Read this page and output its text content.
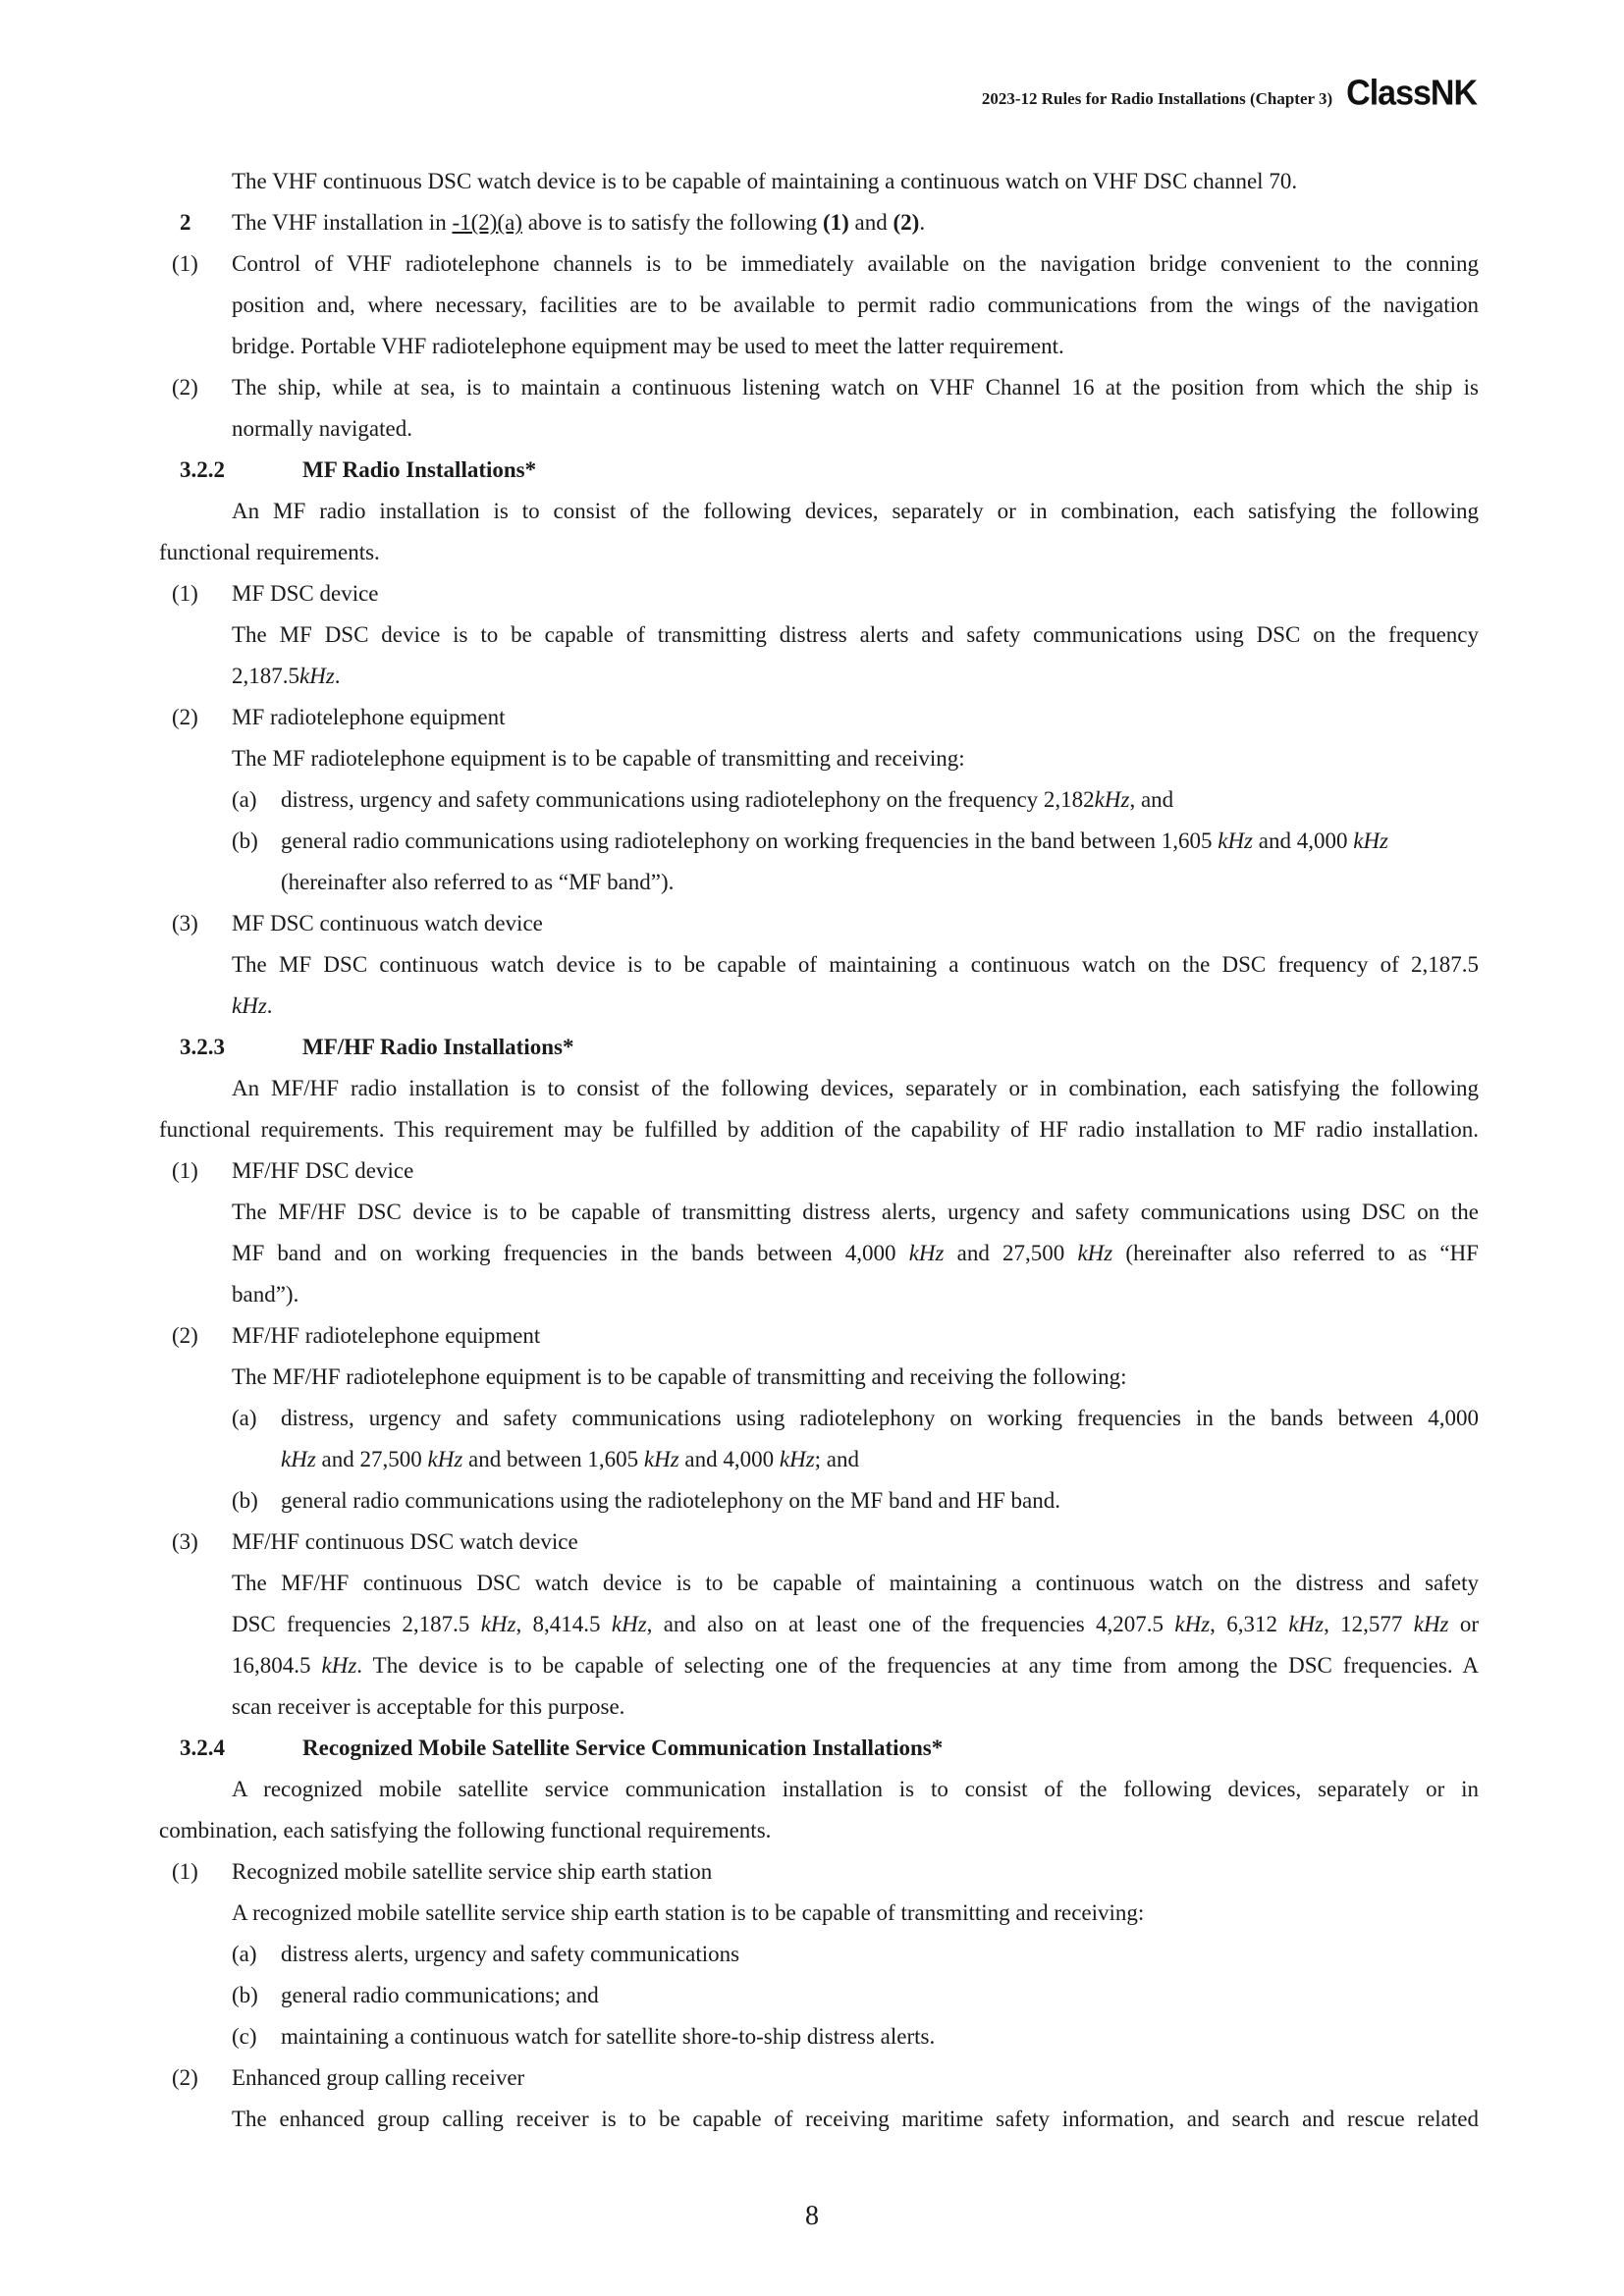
2023-12 Rules for Radio Installations (Chapter 3) ClassNK
The VHF continuous DSC watch device is to be capable of maintaining a continuous watch on VHF DSC channel 70.
2 The VHF installation in -1(2)(a) above is to satisfy the following (1) and (2).
(1) Control of VHF radiotelephone channels is to be immediately available on the navigation bridge convenient to the conning
position and, where necessary, facilities are to be available to permit radio communications from the wings of the navigation
bridge. Portable VHF radiotelephone equipment may be used to meet the latter requirement.
(2) The ship, while at sea, is to maintain a continuous listening watch on VHF Channel 16 at the position from which the ship is
normally navigated.
3.2.2	MF Radio Installations*
An MF radio installation is to consist of the following devices, separately or in combination, each satisfying the following
functional requirements.
(1) MF DSC device
The MF DSC device is to be capable of transmitting distress alerts and safety communications using DSC on the frequency
2,187.5kHz.
(2) MF radiotelephone equipment
The MF radiotelephone equipment is to be capable of transmitting and receiving:
(a) distress, urgency and safety communications using radiotelephony on the frequency 2,182kHz, and
(b) general radio communications using radiotelephony on working frequencies in the band between 1,605 kHz and 4,000 kHz
(hereinafter also referred to as “MF band”).
(3) MF DSC continuous watch device
The MF DSC continuous watch device is to be capable of maintaining a continuous watch on the DSC frequency of 2,187.5
kHz.
3.2.3	MF/HF Radio Installations*
An MF/HF radio installation is to consist of the following devices, separately or in combination, each satisfying the following
functional requirements. This requirement may be fulfilled by addition of the capability of HF radio installation to MF radio installation.
(1) MF/HF DSC device
The MF/HF DSC device is to be capable of transmitting distress alerts, urgency and safety communications using DSC on the
MF band and on working frequencies in the bands between 4,000 kHz and 27,500 kHz (hereinafter also referred to as “HF
band”).
(2) MF/HF radiotelephone equipment
The MF/HF radiotelephone equipment is to be capable of transmitting and receiving the following:
(a) distress, urgency and safety communications using radiotelephony on working frequencies in the bands between 4,000
kHz and 27,500 kHz and between 1,605 kHz and 4,000 kHz; and
(b) general radio communications using the radiotelephony on the MF band and HF band.
(3) MF/HF continuous DSC watch device
The MF/HF continuous DSC watch device is to be capable of maintaining a continuous watch on the distress and safety
DSC frequencies 2,187.5 kHz, 8,414.5 kHz, and also on at least one of the frequencies 4,207.5 kHz, 6,312 kHz, 12,577 kHz or
16,804.5 kHz. The device is to be capable of selecting one of the frequencies at any time from among the DSC frequencies. A
scan receiver is acceptable for this purpose.
3.2.4	Recognized Mobile Satellite Service Communication Installations*
A recognized mobile satellite service communication installation is to consist of the following devices, separately or in
combination, each satisfying the following functional requirements.
(1) Recognized mobile satellite service ship earth station
A recognized mobile satellite service ship earth station is to be capable of transmitting and receiving:
(a) distress alerts, urgency and safety communications
(b) general radio communications; and
(c) maintaining a continuous watch for satellite shore-to-ship distress alerts.
(2) Enhanced group calling receiver
The enhanced group calling receiver is to be capable of receiving maritime safety information, and search and rescue related
8
